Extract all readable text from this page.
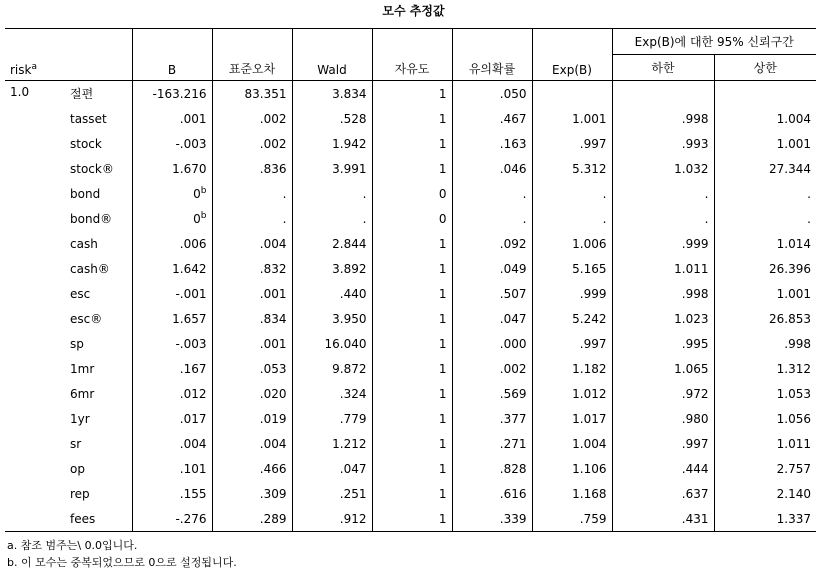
모수 추정값
risk$^a$		B	표준오차	Wald	자유도	유의확률	Exp(B)	Exp(B)에 대한 95% 신뢰구간	
								하한	상한
1.0	절편	-163.216	83.351	3.834	1	.050			
	tasset	.001	.002	.528	1	.467	1.001	.998	1.004
	stock	-.003	.002	1.942	1	.163	.997	.993	1.001
	stock®	1.670	.836	3.991	1	.046	5.312	1.032	27.344
	bond	0$^b$	.	.	0	.	.	.	.
	bond®	0$^b$	.	.	0	.	.	.	.
	cash	.006	.004	2.844	1	.092	1.006	.999	1.014
	cash®	1.642	.832	3.892	1	.049	5.165	1.011	26.396
	esc	-.001	.001	.440	1	.507	.999	.998	1.001
	esc®	1.657	.834	3.950	1	.047	5.242	1.023	26.853
	sp	-.003	.001	16.040	1	.000	.997	.995	.998
	1mr	.167	.053	9.872	1	.002	1.182	1.065	1.312
	6mr	.012	.020	.324	1	.569	1.012	.972	1.053
	1yr	.017	.019	.779	1	.377	1.017	.980	1.056
	sr	.004	.004	1.212	1	.271	1.004	.997	1.011
	op	.101	.466	.047	1	.828	1.106	.444	2.757
	rep	.155	.309	.251	1	.616	1.168	.637	2.140
	fees	-.276	.289	.912	1	.339	.759	.431	1.337
a. 참조 범주는\ 0.0입니다.
b. 이 모수는 중복되었으므로 0으로 설정됩니다.
